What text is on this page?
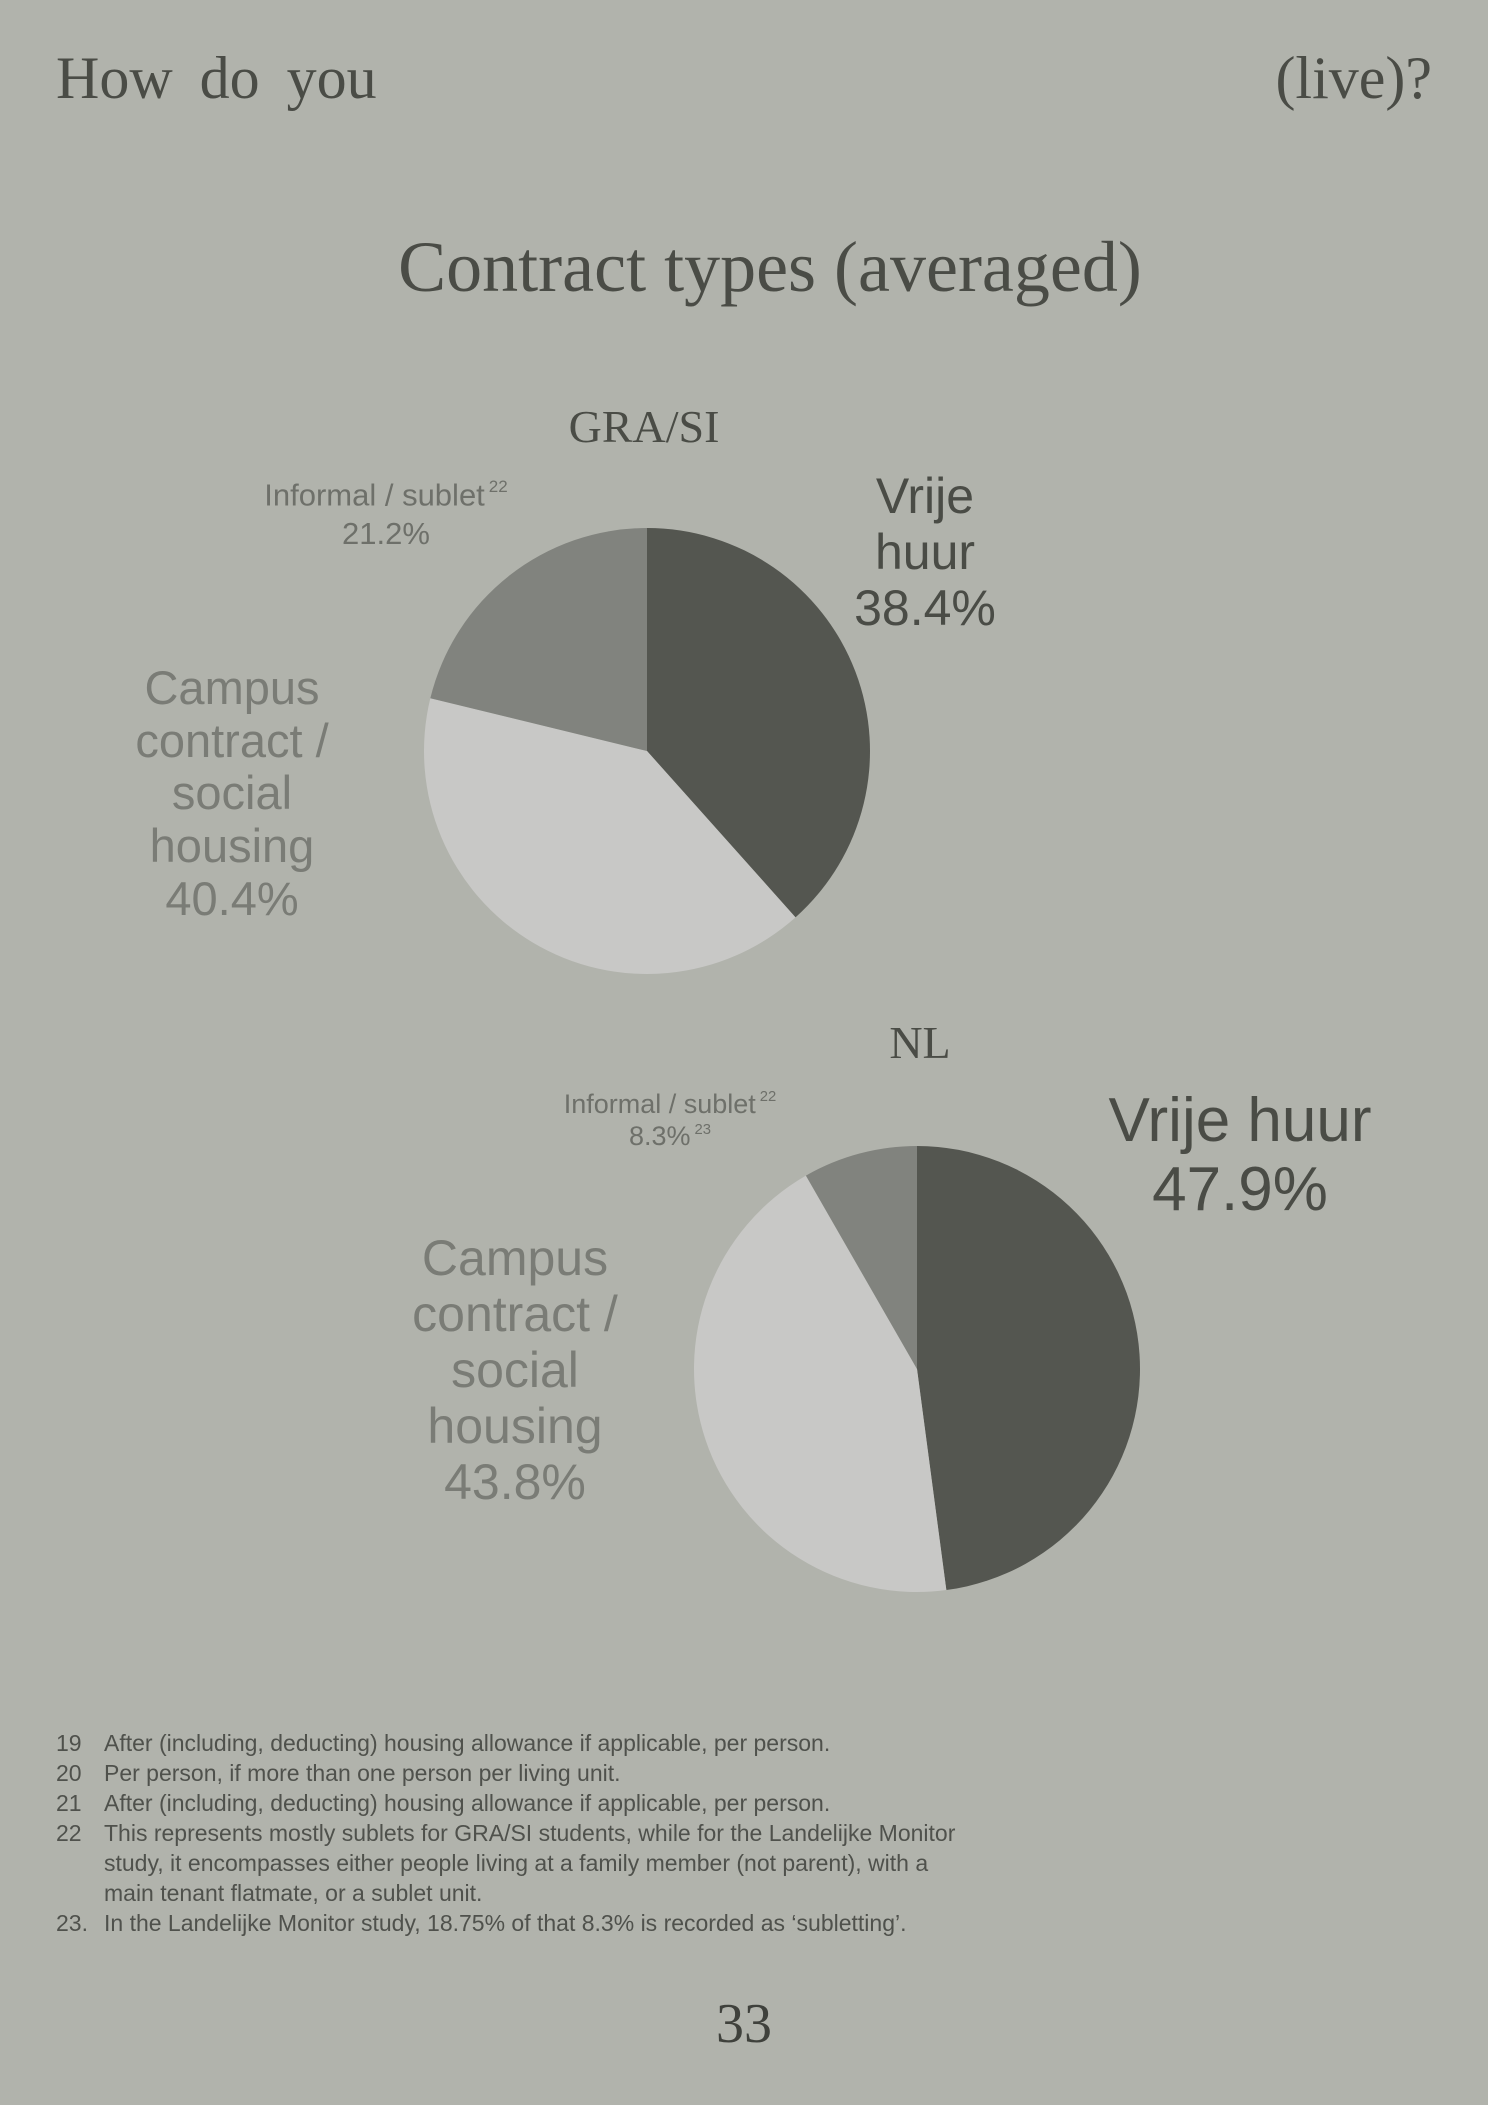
How do you	(live)?
Contract types (averaged)
GRA/SI
Vrije huur
38.4%
Campus
contract /
social
housing
40.4%
Informal / sublet $^{22}$
21.2%
NL
Vrije huur
47.9%
Campus
contract /
social
housing
43.8%
Informal / sublet $^{22}$
8.3% $^{23}$
19 After (including, deducting) housing allowance if applicable, per person.
20 Per person, if more than one person per living unit.
21 After (including, deducting) housing allowance if applicable, per person.
22 This represents mostly sublets for GRA/SI students, while for the Landelijke Monitor study, it encompasses either people living at a family member (not parent), with a main tenant flatmate, or a sublet unit.
23. In the Landelijke Monitor study, 18.75% of that 8.3% is recorded as ‘subletting’.
33
